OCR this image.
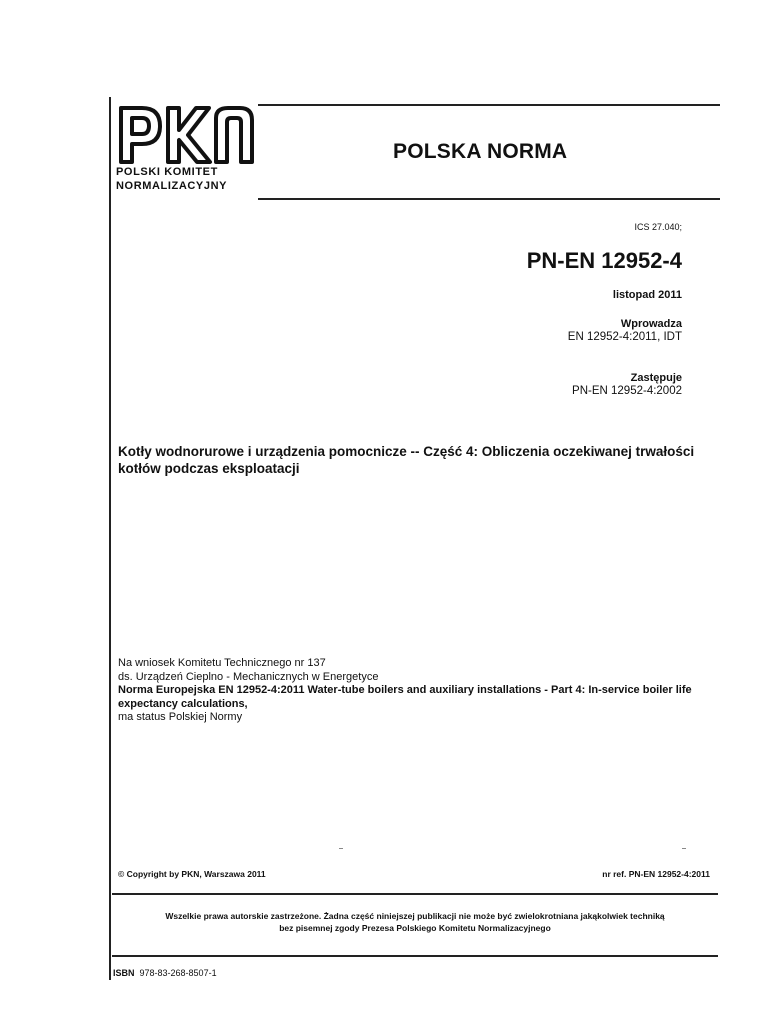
POLSKI KOMITET
NORMALIZACYJNY
POLSKA NORMA
ICS 27.040;
PN-EN 12952-4
listopad 2011
Wprowadza
EN 12952-4:2011, IDT
Zastępuje
PN-EN 12952-4:2002
Kotły wodnorurowe i urządzenia pomocnicze -- Część 4: Obliczenia oczekiwanej trwałości kotłów podczas eksploatacji
Na wniosek Komitetu Technicznego nr 137
ds. Urządzeń Cieplno - Mechanicznych w Energetyce
Norma Europejska EN 12952-4:2011 Water-tube boilers and auxiliary installations - Part 4: In-service boiler life expectancy calculations,
ma status Polskiej Normy
© Copyright by PKN, Warszawa 2011	nr ref. PN-EN 12952-4:2011
Wszelkie prawa autorskie zastrzeżone. Żadna część niniejszej publikacji nie może być zwielokrotniana jakąkolwiek techniką
bez pisemnej zgody Prezesa Polskiego Komitetu Normalizacyjnego
ISBN 978-83-268-8507-1
